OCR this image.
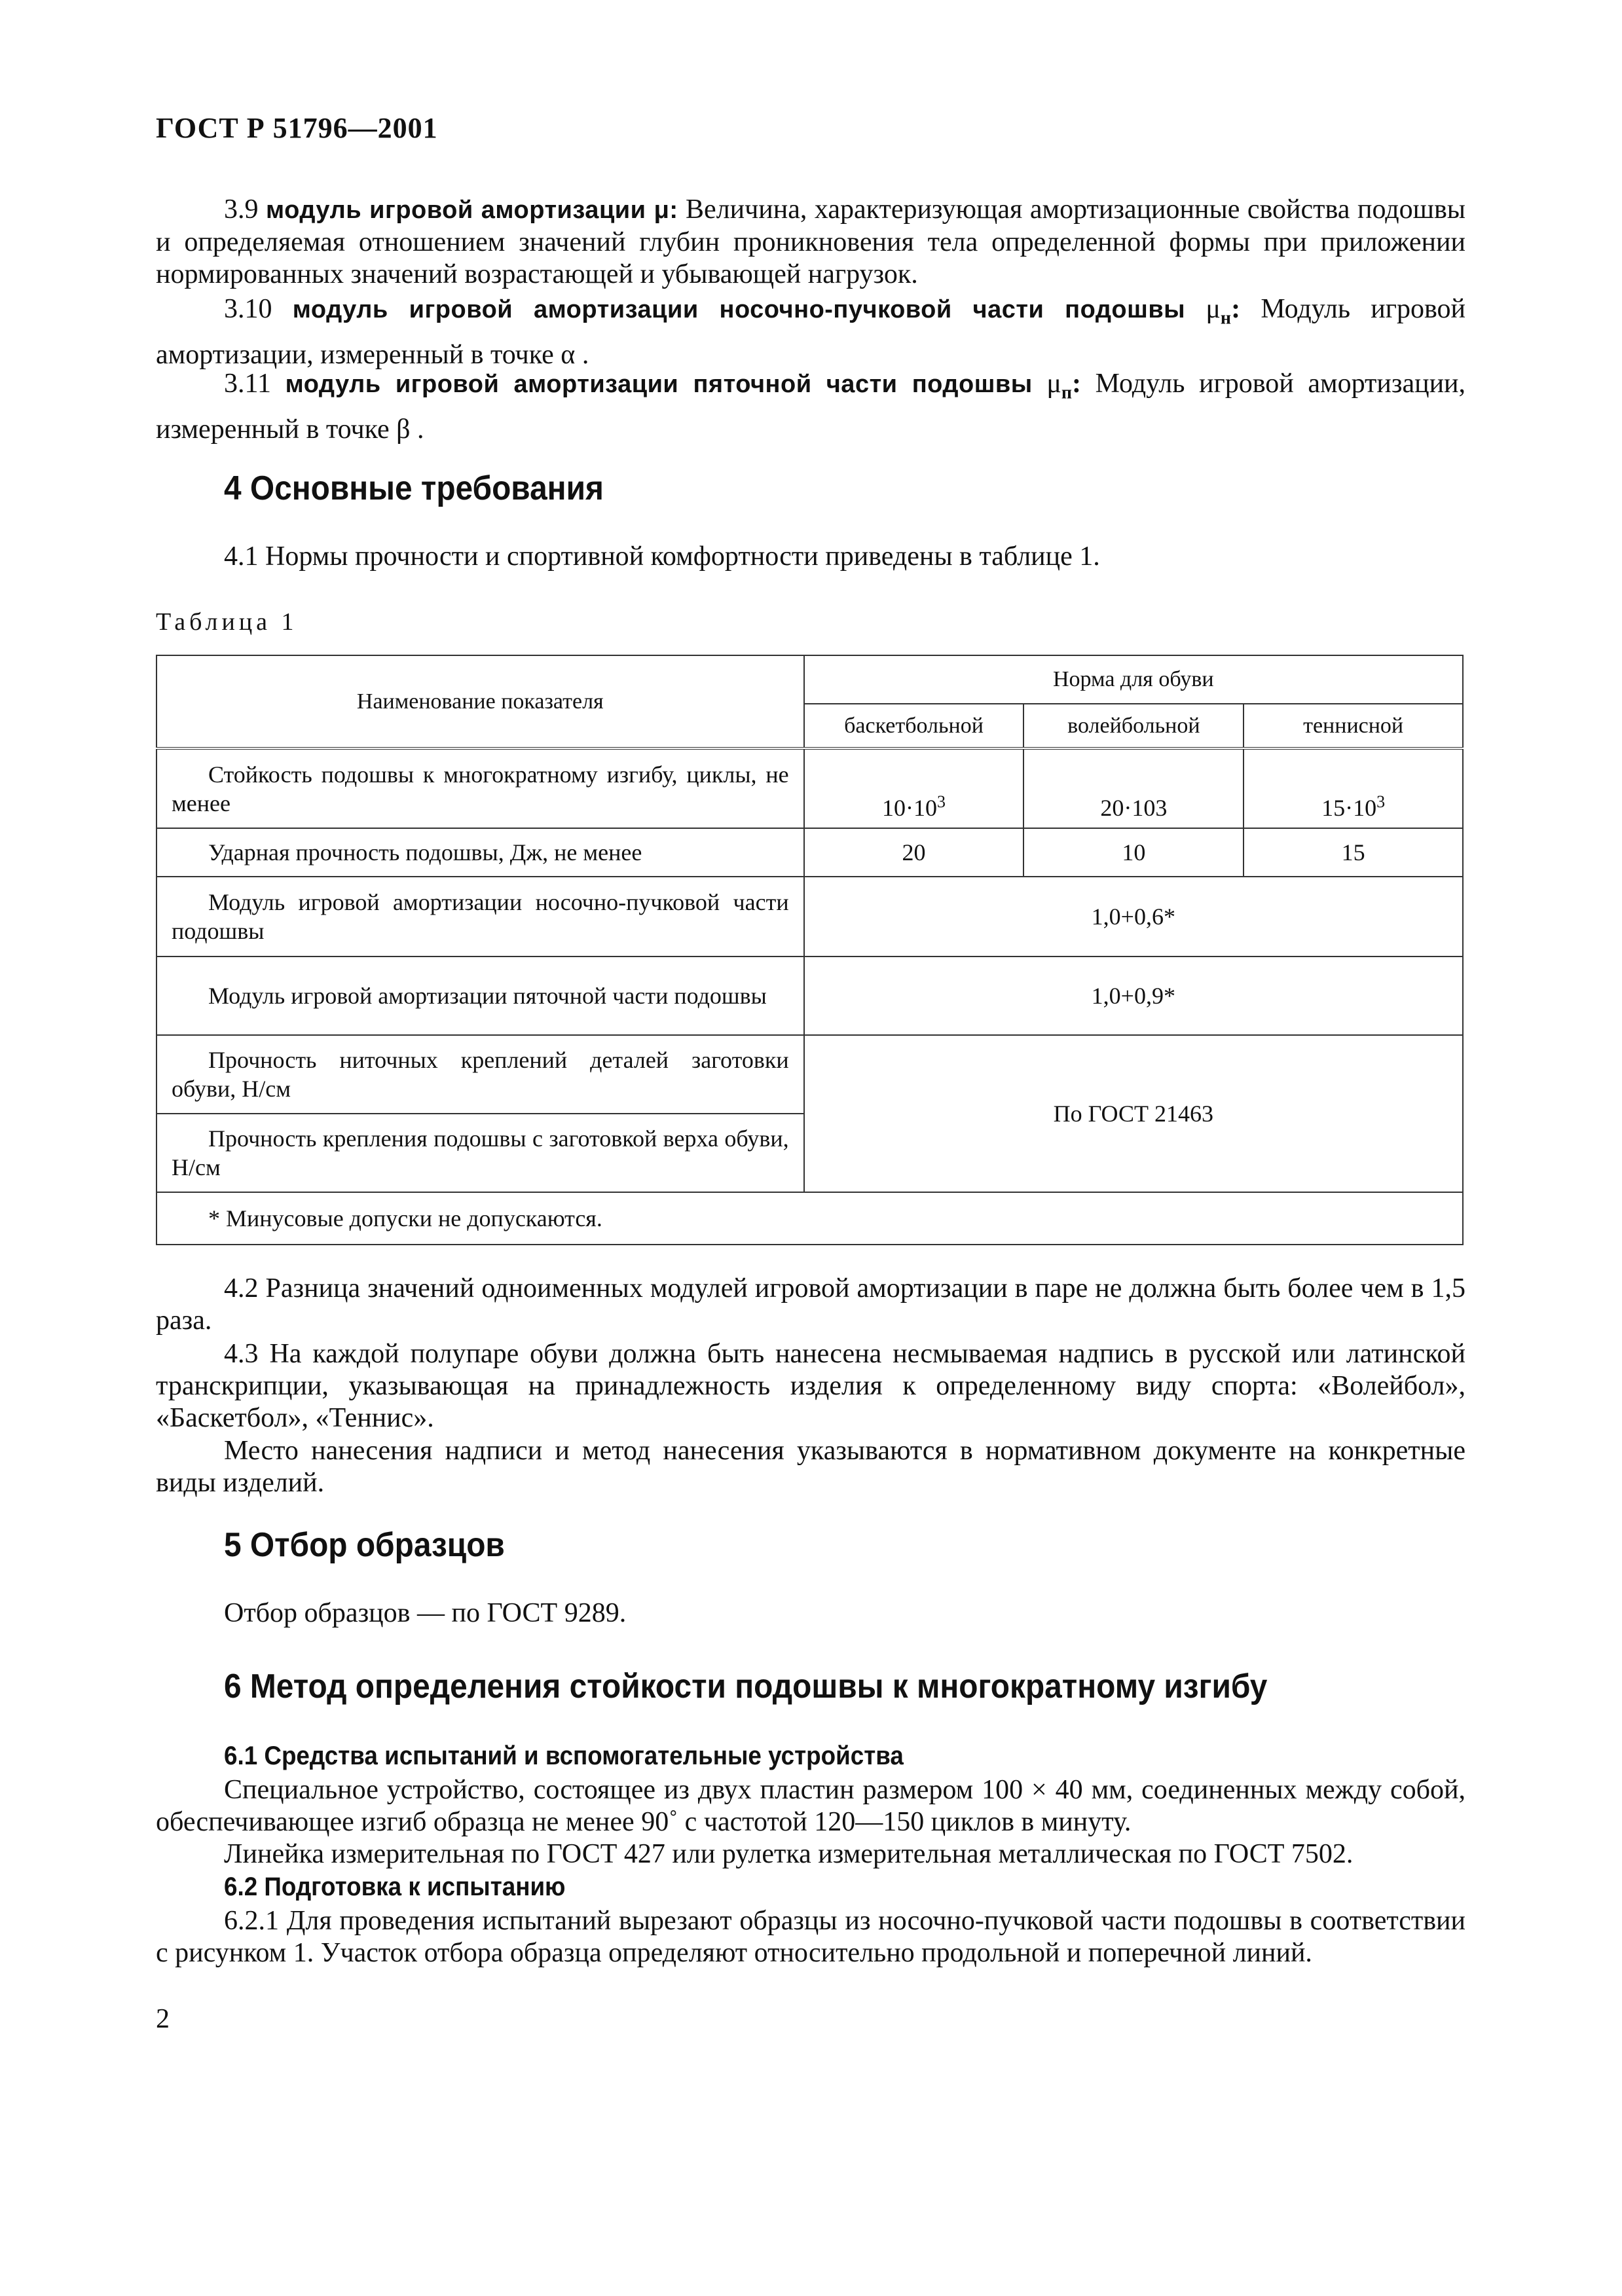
ГОСТ Р 51796—2001

3.9 модуль игровой амортизации μ: Величина, характеризующая амортизационные свойства подошвы и определяемая отношением значений глубин проникновения тела определенной формы при приложении нормированных значений возрастающей и убывающей нагрузок.

3.10 модуль игровой амортизации носочно-пучковой части подошвы $\mu_н$: Модуль игровой амортизации, измеренный в точке α .

3.11 модуль игровой амортизации пяточной части подошвы $\mu_п$: Модуль игровой амортизации, измеренный в точке β .

4 Основные требования

4.1 Нормы прочности и спортивной комфортности приведены в таблице 1.

Таблица 1
Наименование показателя	Норма для обуви		
	баскетбольной	волейбольной	теннисной
Стойкость подошвы к многократному изгибу, циклы, не менее	$10\cdot 10^3$	20·103	$15\cdot 10^3$
Ударная прочность подошвы, Дж, не менее	20	10	15
Модуль игровой амортизации носочно-пучковой части подошвы	1,0+0,6*		
Модуль игровой амортизации пяточной части подошвы	1,0+0,9*		
Прочность ниточных креплений деталей заготовки обуви, Н/см	По ГОСТ 21463		
Прочность крепления подошвы с заготовкой верха обуви, Н/см			
* Минусовые допуски не допускаются.			

4.2 Разница значений одноименных модулей игровой амортизации в паре не должна быть более чем в 1,5 раза.

4.3 На каждой полупаре обуви должна быть нанесена несмываемая надпись в русской или латинской транскрипции, указывающая на принадлежность изделия к определенному виду спорта: «Волейбол», «Баскетбол», «Теннис».

Место нанесения надписи и метод нанесения указываются в нормативном документе на конкретные виды изделий.

5 Отбор образцов

Отбор образцов — по ГОСТ 9289.

6 Метод определения стойкости подошвы к многократному изгибу
6.1 Средства испытаний и вспомогательные устройства

Специальное устройство, состоящее из двух пластин размером 100 × 40 мм, соединенных между собой, обеспечивающее изгиб образца не менее 90˚ с частотой 120—150 циклов в минуту.

Линейка измерительная по ГОСТ 427 или рулетка измерительная металлическая по ГОСТ 7502.

6.2 Подготовка к испытанию

6.2.1 Для проведения испытаний вырезают образцы из носочно-пучковой части подошвы в соответствии с рисунком 1. Участок отбора образца определяют относительно продольной и поперечной линий.

2
